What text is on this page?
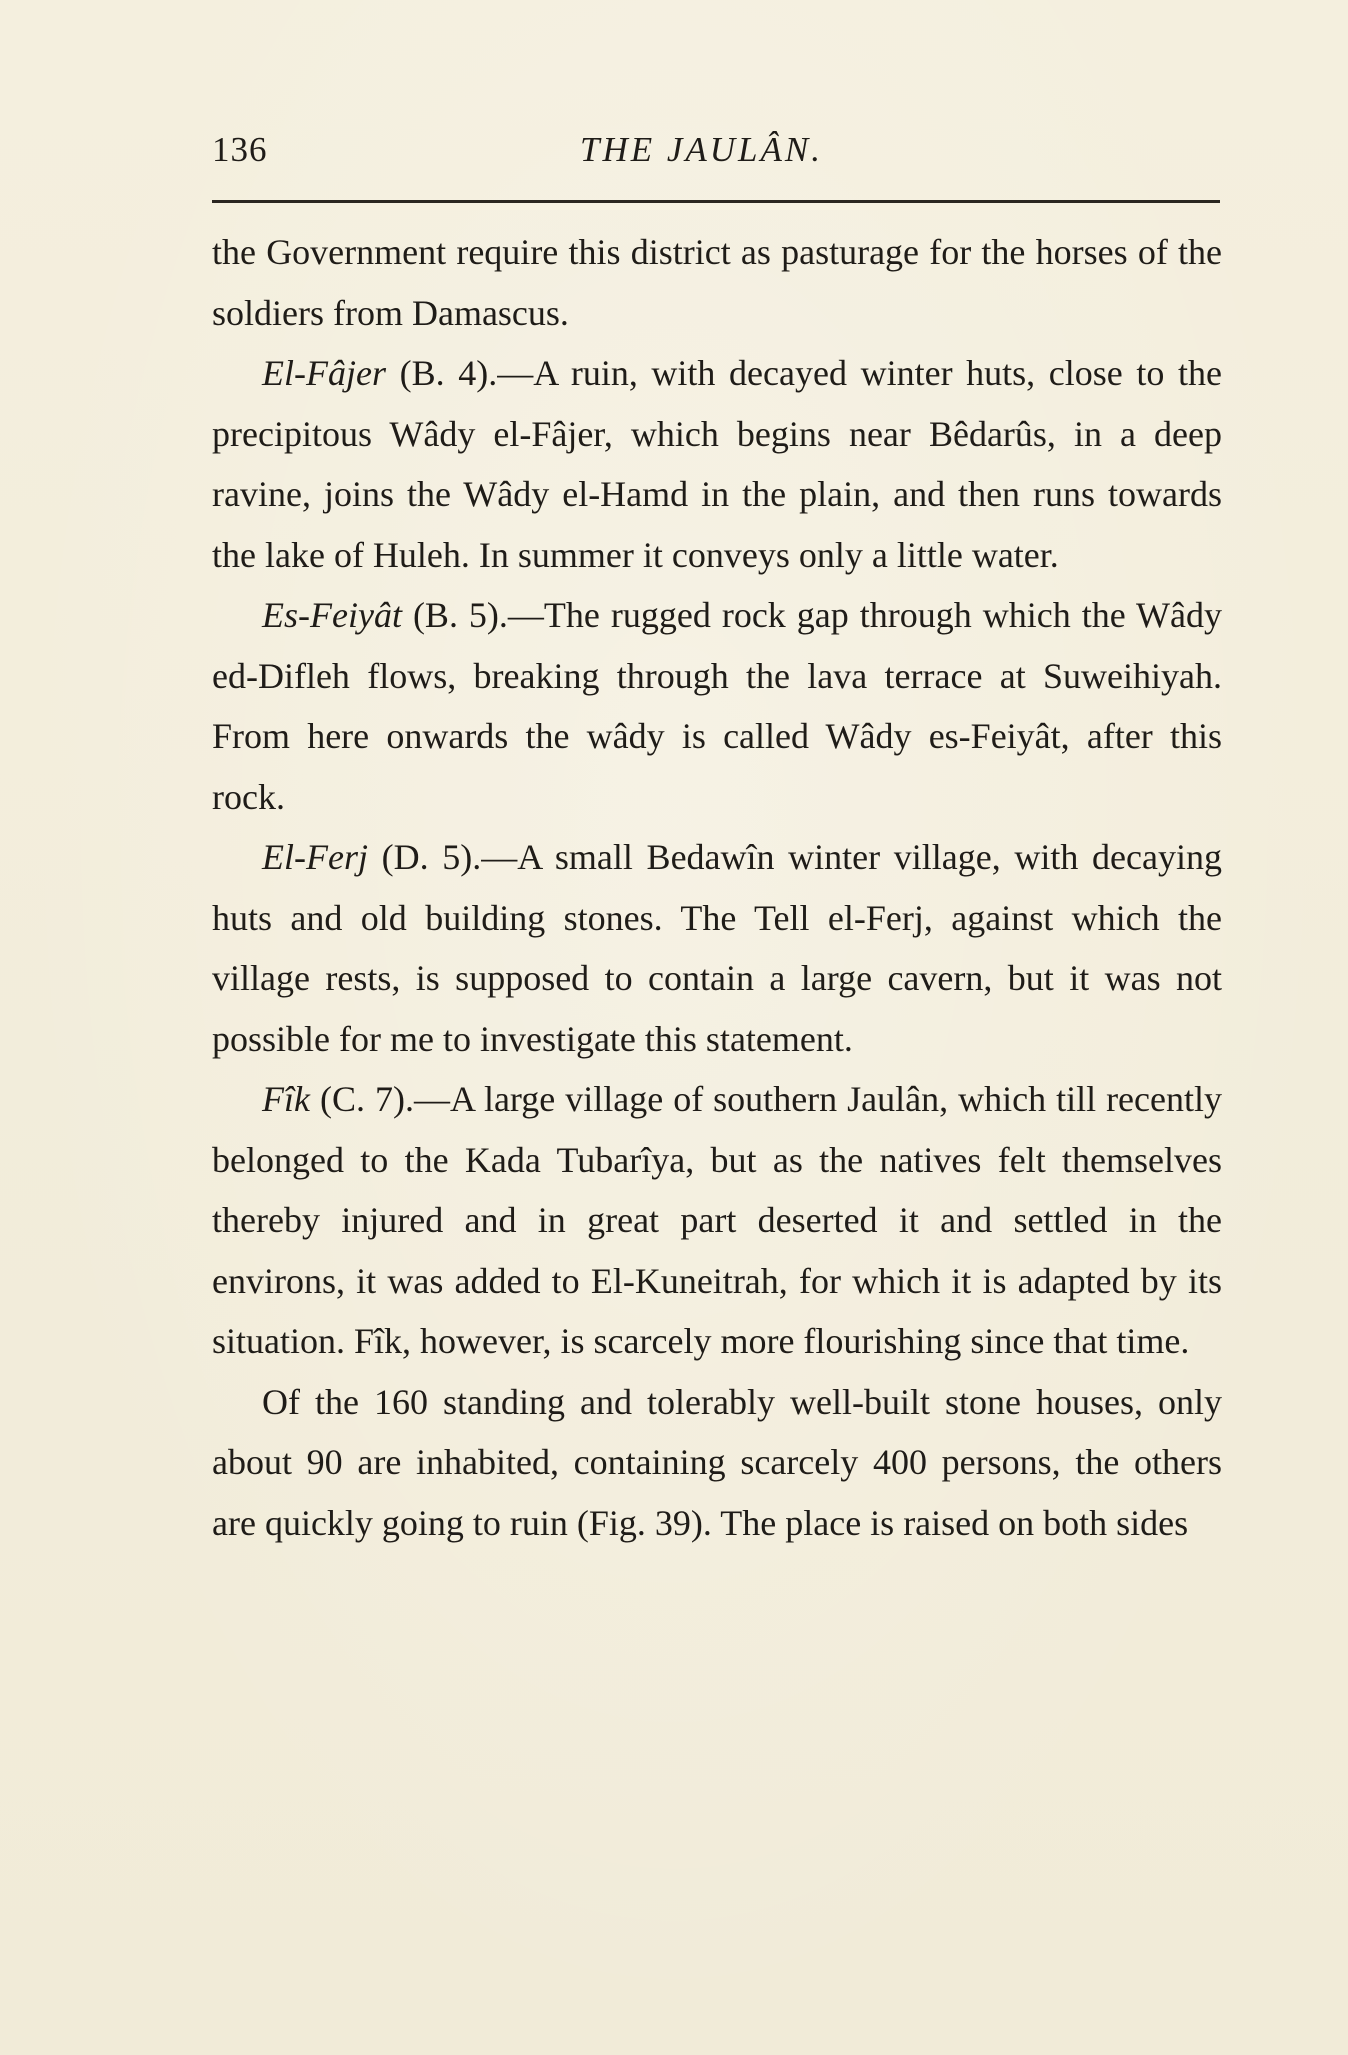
136	THE JAULÂN.

the Government require this district as pasturage for the horses of the soldiers from Damascus.

El-Fâjer (B. 4).—A ruin, with decayed winter huts, close to the precipitous Wâdy el-Fâjer, which begins near Bêdarûs, in a deep ravine, joins the Wâdy el-Hamd in the plain, and then runs towards the lake of Huleh. In summer it conveys only a little water.

Es-Feiyât (B. 5).—The rugged rock gap through which the Wâdy ed-Difleh flows, breaking through the lava terrace at Suweihiyah. From here onwards the wâdy is called Wâdy es-Feiyât, after this rock.

El-Ferj (D. 5).—A small Bedawîn winter village, with decaying huts and old building stones. The Tell el-Ferj, against which the village rests, is supposed to contain a large cavern, but it was not possible for me to investigate this statement.

Fîk (C. 7).—A large village of southern Jaulân, which till recently belonged to the Kada Tubarîya, but as the natives felt themselves thereby injured and in great part deserted it and settled in the environs, it was added to El-Kuneitrah, for which it is adapted by its situation. Fîk, however, is scarcely more flourishing since that time.

Of the 160 standing and tolerably well-built stone houses, only about 90 are inhabited, containing scarcely 400 persons, the others are quickly going to ruin (Fig. 39). The place is raised on both sides
